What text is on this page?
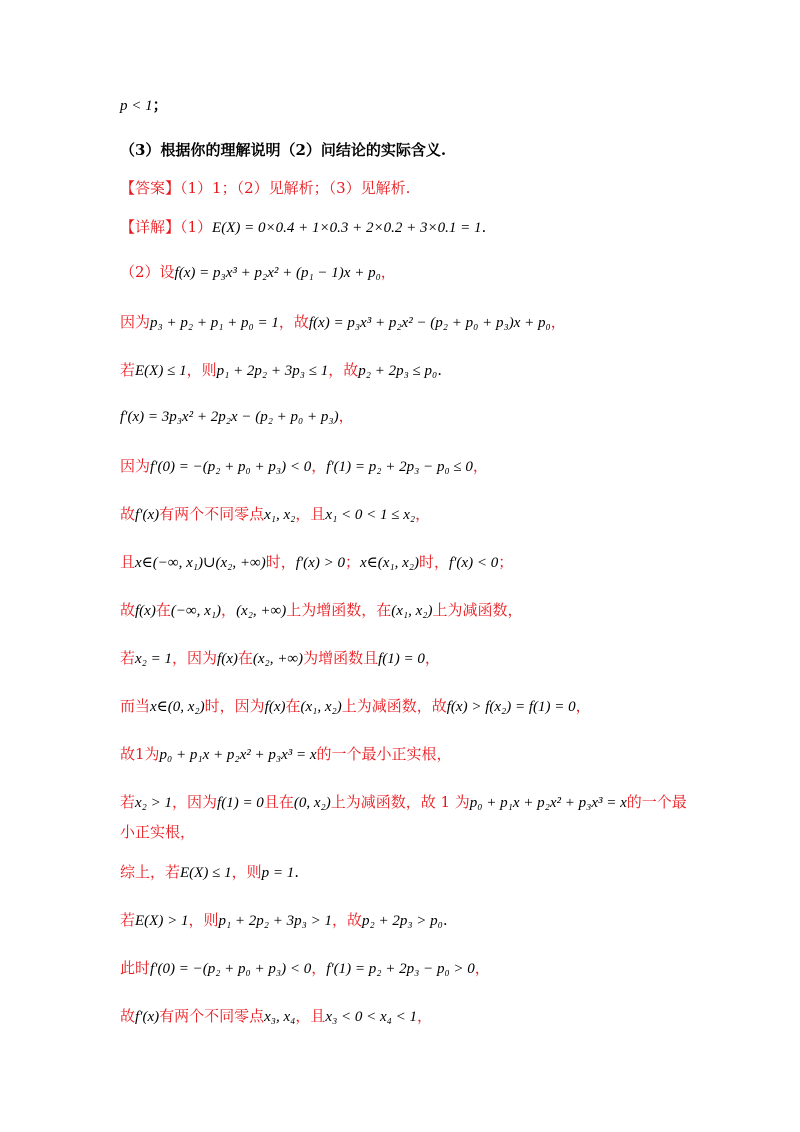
p < 1；
（3）根据你的理解说明（2）问结论的实际含义.
【答案】（1）1；（2）见解析；（3）见解析.
【详解】（1）E(X) = 0×0.4 + 1×0.3 + 2×0.2 + 3×0.1 = 1.
（2）设f(x) = p₃x³ + p₂x² + (p₁ − 1)x + p₀，
因为p₃ + p₂ + p₁ + p₀ = 1，故f(x) = p₃x³ + p₂x² − (p₂ + p₀ + p₃)x + p₀，
若E(X) ≤ 1，则p₁ + 2p₂ + 3p₃ ≤ 1，故p₂ + 2p₃ ≤ p₀.
f′(x) = 3p₃x² + 2p₂x − (p₂ + p₀ + p₃)，
因为f′(0) = −(p₂ + p₀ + p₃) < 0，f′(1) = p₂ + 2p₃ − p₀ ≤ 0，
故f′(x)有两个不同零点x₁, x₂，且x₁ < 0 < 1 ≤ x₂，
且x∈(−∞, x₁)∪(x₂, +∞)时，f′(x) > 0；x∈(x₁, x₂)时，f′(x) < 0；
故f(x)在(−∞, x₁)，(x₂, +∞)上为增函数，在(x₁, x₂)上为减函数，
若x₂ = 1，因为f(x)在(x₂, +∞)为增函数且f(1) = 0，
而当x∈(0, x₂)时，因为f(x)在(x₁, x₂)上为减函数，故f(x) > f(x₂) = f(1) = 0，
故1为p₀ + p₁x + p₂x² + p₃x³ = x的一个最小正实根，
若x₂ > 1，因为f(1) = 0且在(0, x₂)上为减函数，故 1 为p₀ + p₁x + p₂x² + p₃x³ = x的一个最
小正实根，
综上，若E(X) ≤ 1，则p = 1.
若E(X) > 1，则p₁ + 2p₂ + 3p₃ > 1，故p₂ + 2p₃ > p₀.
此时f′(0) = −(p₂ + p₀ + p₃) < 0，f′(1) = p₂ + 2p₃ − p₀ > 0，
故f′(x)有两个不同零点x₃, x₄，且x₃ < 0 < x₄ < 1，
